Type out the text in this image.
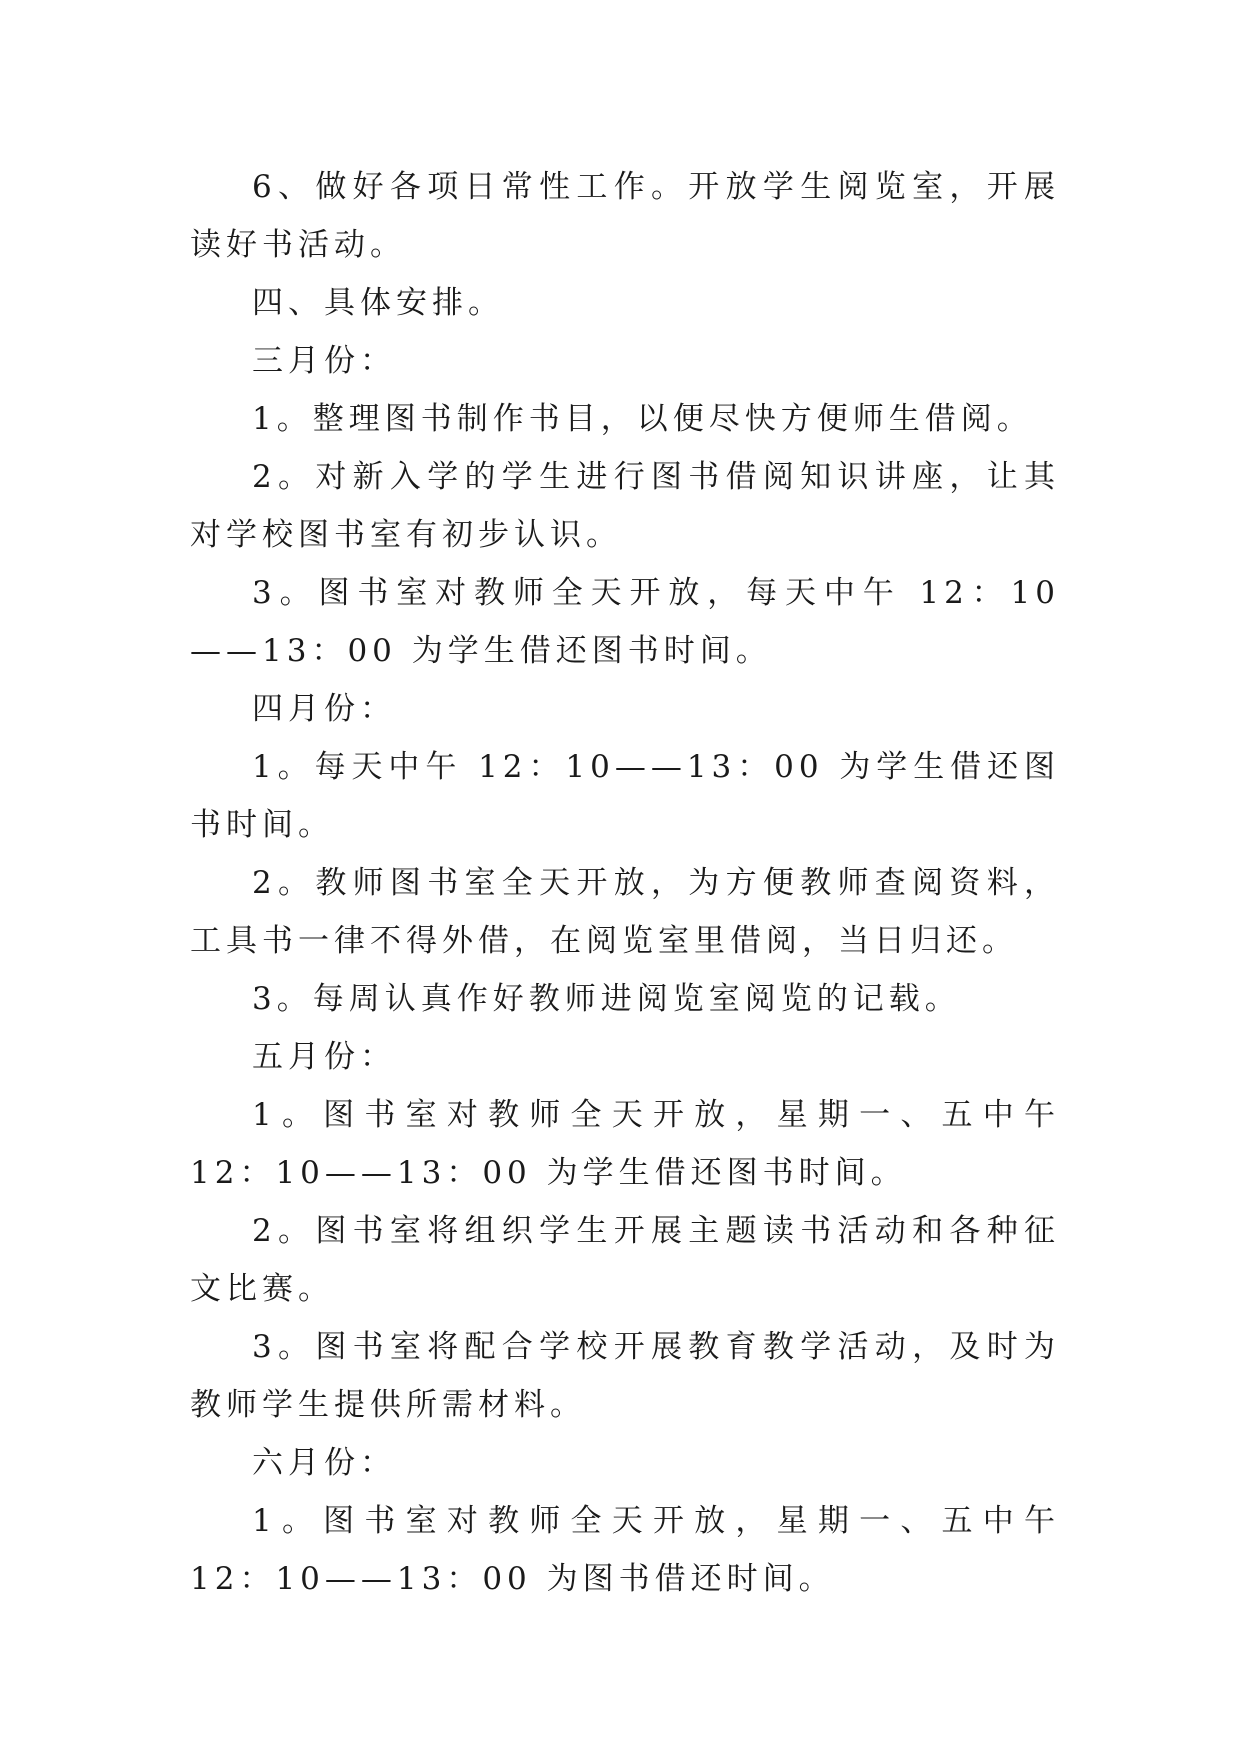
6、做好各项日常性工作。开放学生阅览室，开展读好书活动。

四、具体安排。

三月份：

1。整理图书制作书目，以便尽快方便师生借阅。

2。对新入学的学生进行图书借阅知识讲座，让其对学校图书室有初步认识。

3。图书室对教师全天开放，每天中午 12：10——13：00 为学生借还图书时间。

四月份：

1。每天中午 12：10——13：00 为学生借还图书时间。

2。教师图书室全天开放，为方便教师查阅资料，工具书一律不得外借，在阅览室里借阅，当日归还。

3。每周认真作好教师进阅览室阅览的记载。

五月份：

1。图书室对教师全天开放，星期一、五中午 12：10——13：00 为学生借还图书时间。

2。图书室将组织学生开展主题读书活动和各种征文比赛。

3。图书室将配合学校开展教育教学活动，及时为教师学生提供所需材料。

六月份：

1。图书室对教师全天开放，星期一、五中午 12：10——13：00 为图书借还时间。
